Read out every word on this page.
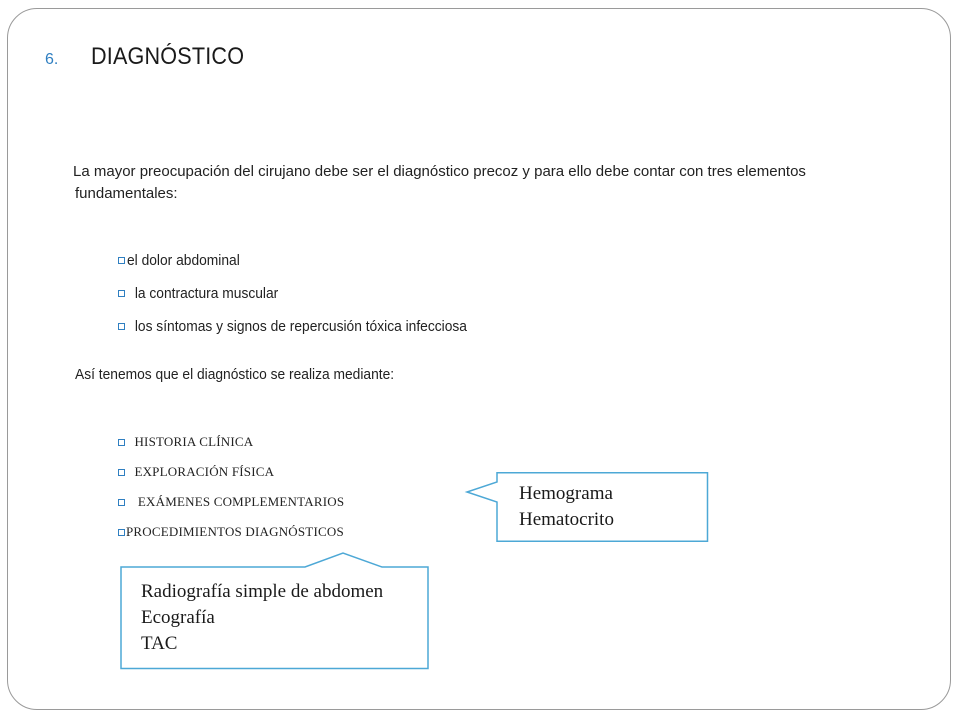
6.	DIAGNÓSTICO
La mayor preocupación del cirujano debe ser el diagnóstico precoz y para ello debe contar con tres elementos
fundamentales:
el dolor abdominal
la contractura muscular
los síntomas y signos de repercusión tóxica infecciosa
Así tenemos que el diagnóstico se realiza mediante:
HISTORIA CLÍNICA
EXPLORACIÓN FÍSICA
EXÁMENES COMPLEMENTARIOS
PROCEDIMIENTOS DIAGNÓSTICOS
Hemograma
Hematocrito
Radiografía simple de abdomen
Ecografía
TAC
